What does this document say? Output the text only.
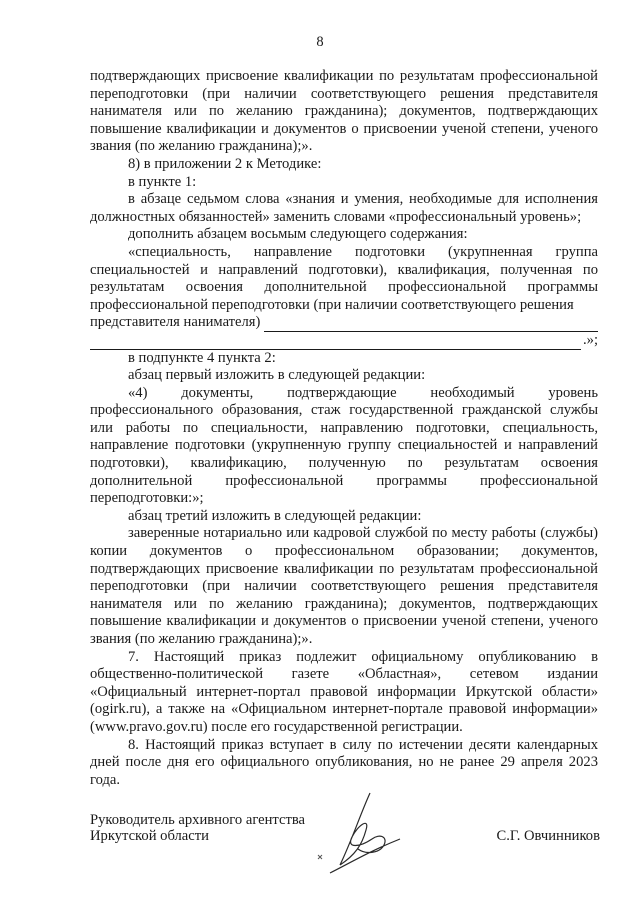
8

подтверждающих присвоение квалификации по результатам профессиональной переподготовки (при наличии соответствующего решения представителя нанимателя или по желанию гражданина); документов, подтверждающих повышение квалификации и документов о присвоении ученой степени, ученого звания (по желанию гражданина);».

8) в приложении 2 к Методике:

в пункте 1:

в абзаце седьмом слова «знания и умения, необходимые для исполнения должностных обязанностей» заменить словами «профессиональный уровень»;

дополнить абзацем восьмым следующего содержания:

«специальность, направление подготовки (укрупненная группа специальностей и направлений подготовки), квалификация, полученная по результатам освоения дополнительной профессиональной программы профессиональной переподготовки (при наличии соответствующего решения

представителя нанимателя)
.»;

в подпункте 4 пункта 2:

абзац первый изложить в следующей редакции:

«4) документы, подтверждающие необходимый уровень профессионального образования, стаж государственной гражданской службы или работы по специальности, направлению подготовки, специальность, направление подготовки (укрупненную группу специальностей и направлений подготовки), квалификацию, полученную по результатам освоения дополнительной профессиональной программы профессиональной переподготовки:»;

абзац третий изложить в следующей редакции:

заверенные нотариально или кадровой службой по месту работы (службы) копии документов о профессиональном образовании; документов, подтверждающих присвоение квалификации по результатам профессиональной переподготовки (при наличии соответствующего решения представителя нанимателя или по желанию гражданина); документов, подтверждающих повышение квалификации и документов о присвоении ученой степени, ученого звания (по желанию гражданина);».

7. Настоящий приказ подлежит официальному опубликованию в общественно-политической газете «Областная», сетевом издании «Официальный интернет-портал правовой информации Иркутской области» (ogirk.ru), а также на «Официальном интернет-портале правовой информации» (www.pravo.gov.ru) после его государственной регистрации.

8. Настоящий приказ вступает в силу по истечении десяти календарных дней после дня его официального опубликования, но не ранее 29 апреля 2023 года.

Руководитель архивного агентства
Иркутской области	С.Г. Овчинников
